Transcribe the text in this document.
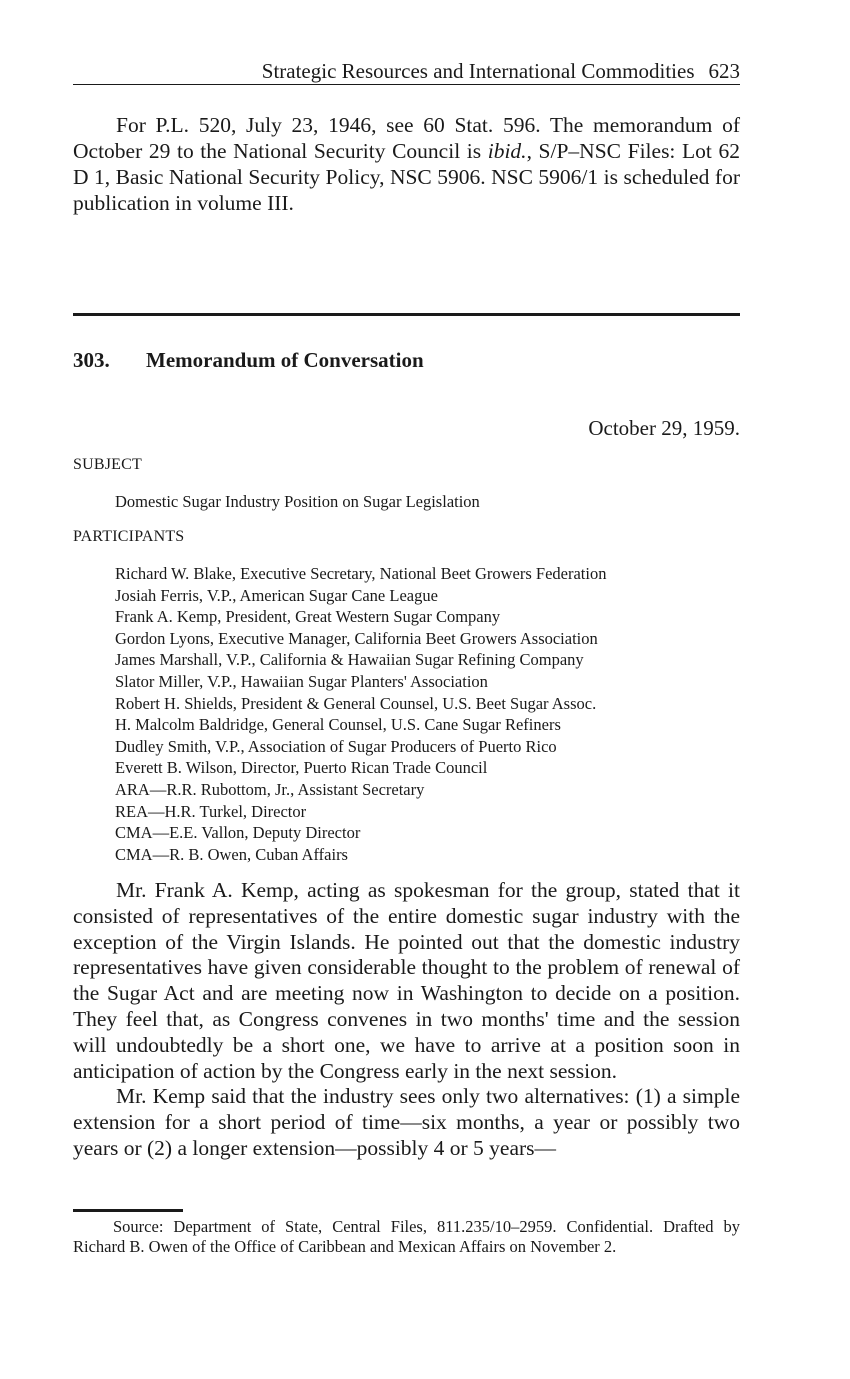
Strategic Resources and International Commodities 623

For P.L. 520, July 23, 1946, see 60 Stat. 596. The memorandum of October 29 to the National Security Council is ibid., S/P–NSC Files: Lot 62 D 1, Basic National Security Policy, NSC 5906. NSC 5906/1 is scheduled for publication in volume III.

303. Memorandum of Conversation
October 29, 1959.
SUBJECT
Domestic Sugar Industry Position on Sugar Legislation
PARTICIPANTS
Richard W. Blake, Executive Secretary, National Beet Growers Federation
Josiah Ferris, V.P., American Sugar Cane League
Frank A. Kemp, President, Great Western Sugar Company
Gordon Lyons, Executive Manager, California Beet Growers Association
James Marshall, V.P., California & Hawaiian Sugar Refining Company
Slator Miller, V.P., Hawaiian Sugar Planters' Association
Robert H. Shields, President & General Counsel, U.S. Beet Sugar Assoc.
H. Malcolm Baldridge, General Counsel, U.S. Cane Sugar Refiners
Dudley Smith, V.P., Association of Sugar Producers of Puerto Rico
Everett B. Wilson, Director, Puerto Rican Trade Council
ARA—R.R. Rubottom, Jr., Assistant Secretary
REA—H.R. Turkel, Director
CMA—E.E. Vallon, Deputy Director
CMA—R. B. Owen, Cuban Affairs

Mr. Frank A. Kemp, acting as spokesman for the group, stated that it consisted of representatives of the entire domestic sugar industry with the exception of the Virgin Islands. He pointed out that the domestic industry representatives have given considerable thought to the problem of renewal of the Sugar Act and are meeting now in Washington to decide on a position. They feel that, as Congress convenes in two months' time and the session will undoubtedly be a short one, we have to arrive at a position soon in anticipation of action by the Congress early in the next session.

Mr. Kemp said that the industry sees only two alternatives: (1) a simple extension for a short period of time—six months, a year or possibly two years or (2) a longer extension—possibly 4 or 5 years—

Source: Department of State, Central Files, 811.235/10–2959. Confidential. Drafted by Richard B. Owen of the Office of Caribbean and Mexican Affairs on November 2.
